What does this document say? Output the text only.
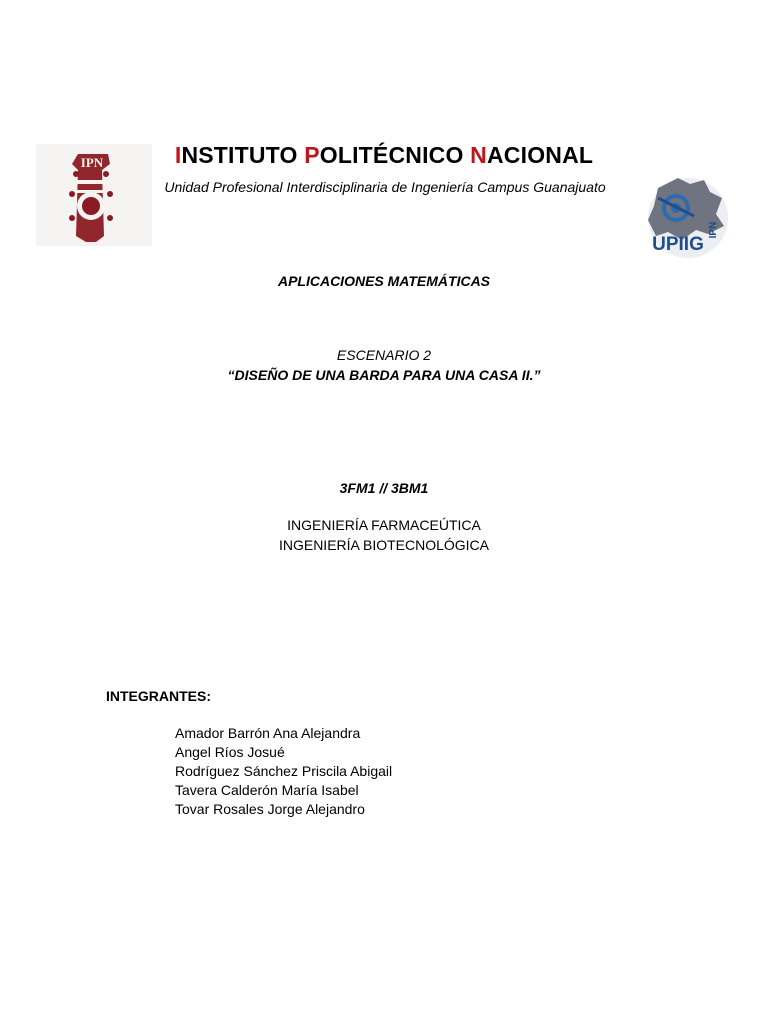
IPN	INSTITUTO POLITÉCNICO NACIONAL
Unidad Profesional Interdisciplinaria de Ingeniería Campus Guanajuato
IPN
UPIIG
APLICACIONES MATEMÁTICAS
ESCENARIO 2
“DISEÑO DE UNA BARDA PARA UNA CASA II.”
3FM1 // 3BM1
INGENIERÍA FARMACEÚTICA
INGENIERÍA BIOTECNOLÓGICA
INTEGRANTES:
Amador Barrón Ana Alejandra
Angel Ríos Josué
Rodríguez Sánchez Priscila Abigail
Tavera Calderón María Isabel
Tovar Rosales Jorge Alejandro
